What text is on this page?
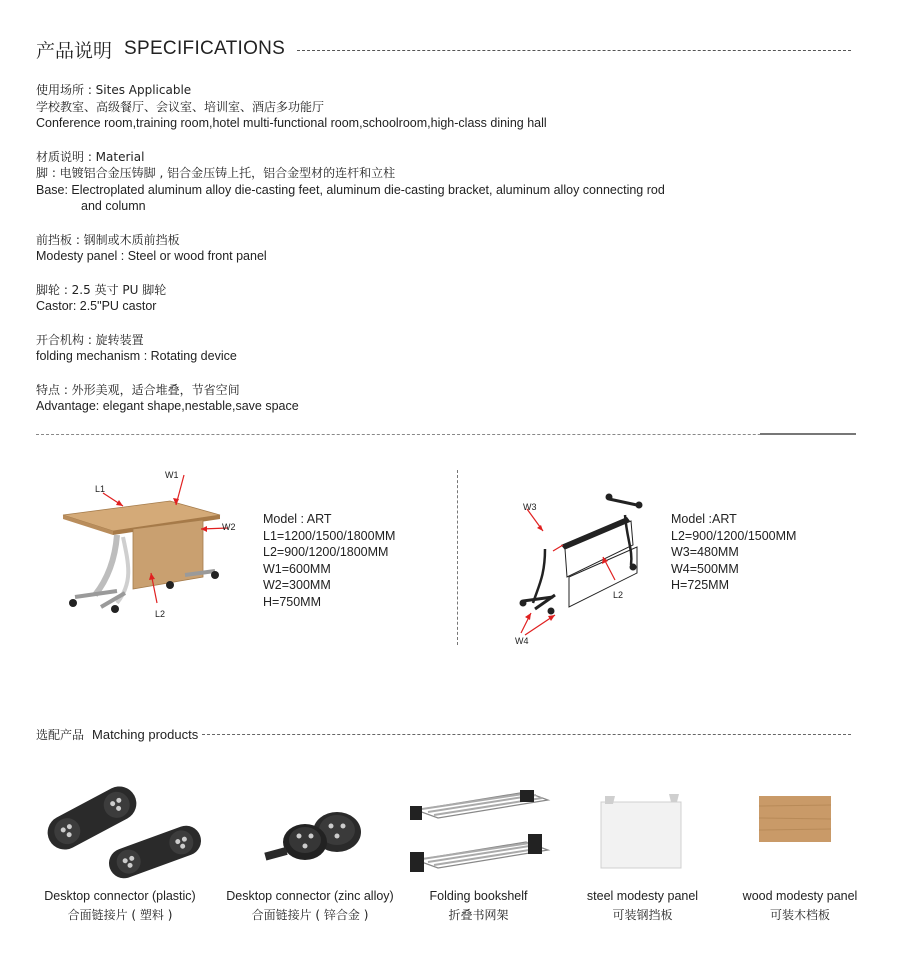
产品说明 SPECIFICATIONS
使用场所 : Sites Applicable
学校教室、高级餐厅、会议室、培训室、酒店多功能厅
Conference room,training room,hotel multi-functional room,schoolroom,high-class dining hall
材质说明 : Material
脚 : 电镀铝合金压铸脚 , 铝合金压铸上托，铝合金型材的连杆和立柱
Base: Electroplated aluminum alloy die-casting feet, aluminum die-casting bracket, aluminum alloy connecting rod
and column
前挡板 : 钢制或木质前挡板
Modesty panel : Steel or wood front panel
脚轮 : 2.5 英寸 PU 脚轮
Castor: 2.5"PU castor
开合机构 : 旋转装置
folding mechanism : Rotating device
特点 : 外形美观，适合堆叠，节省空间
Advantage: elegant shape,nestable,save space
L1
W1
W2
L2
Model : ART
L1=1200/1500/1800MM
L2=900/1200/1800MM
W1=600MM
W2=300MM
H=750MM
W3
L2
W4
Model :ART
L2=900/1200/1500MM
W3=480MM
W4=500MM
H=725MM
选配产品 Matching products
Desktop connector (plastic)
合面链接片 ( 塑料 )
Desktop connector (zinc alloy)
合面链接片 ( 锌合金 )
Folding bookshelf
折叠书网架
steel modesty panel
可装钢挡板
wood modesty panel
可装木档板
